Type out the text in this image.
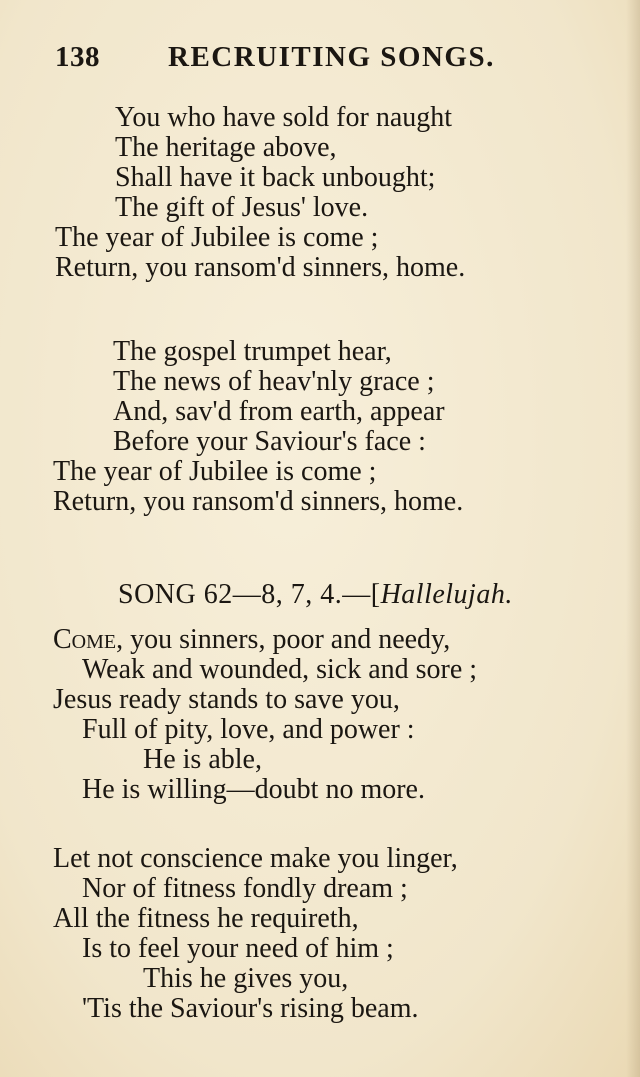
138 RECRUITING SONGS.
You who have sold for naught
The heritage above,
Shall have it back unbought;
The gift of Jesus' love.
The year of Jubilee is come ;
Return, you ransom'd sinners, home.
The gospel trumpet hear,
The news of heav'nly grace ;
And, sav'd from earth, appear
Before your Saviour's face :
The year of Jubilee is come ;
Return, you ransom'd sinners, home.
SONG 62—8, 7, 4.—[Hallelujah.
Come, you sinners, poor and needy,
Weak and wounded, sick and sore ;
Jesus ready stands to save you,
Full of pity, love, and power :
He is able,
He is willing—doubt no more.
Let not conscience make you linger,
Nor of fitness fondly dream ;
All the fitness he requireth,
Is to feel your need of him ;
This he gives you,
'Tis the Saviour's rising beam.
